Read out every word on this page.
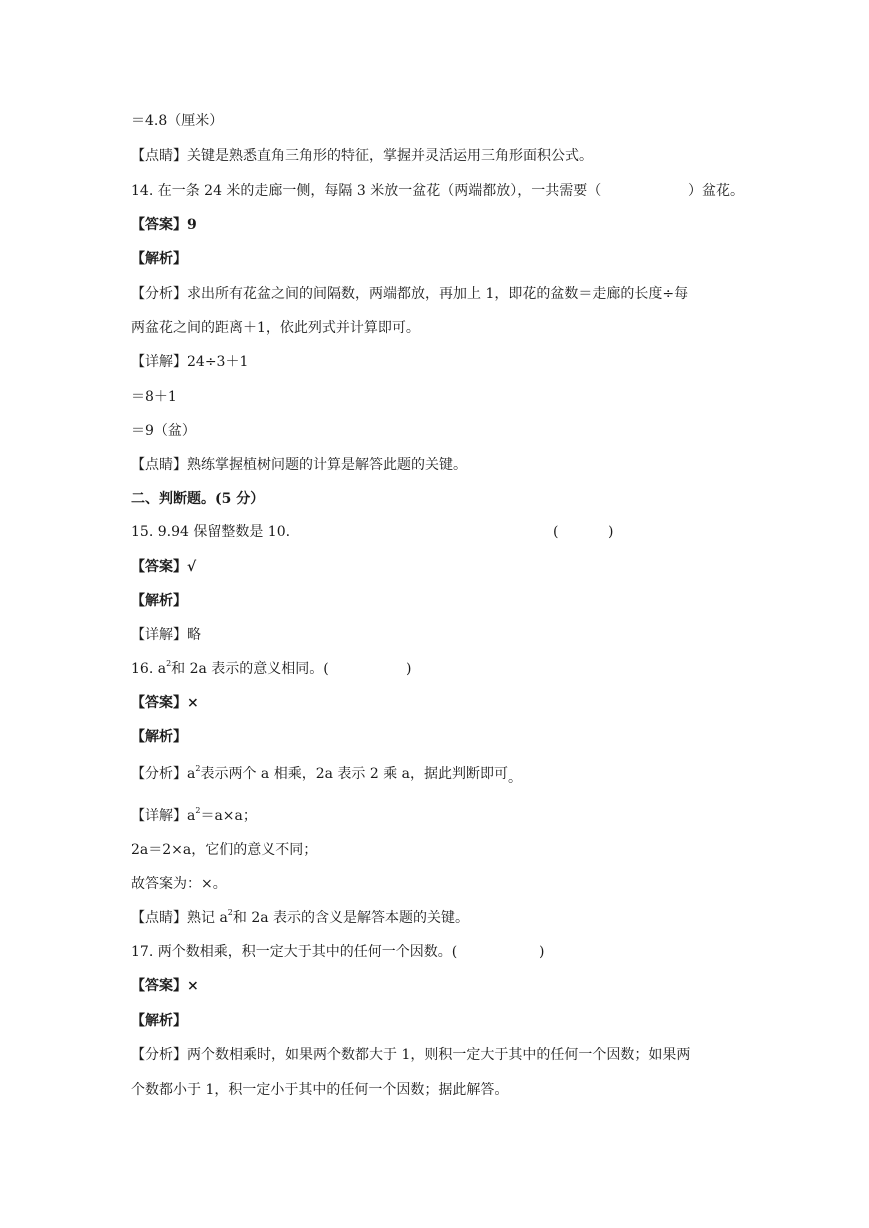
＝4.8（厘米）
【点睛】关键是熟悉直角三角形的特征，掌握并灵活运用三角形面积公式。
14. 在一条 24 米的走廊一侧，每隔 3 米放一盆花（两端都放），一共需要（	）盆花。
【答案】9
【解析】
【分析】求出所有花盆之间的间隔数，两端都放，再加上 1，即花的盆数＝走廊的长度÷每
两盆花之间的距离＋1，依此列式并计算即可。
【详解】24÷3＋1
＝8＋1
＝9（盆）
【点睛】熟练掌握植树问题的计算是解答此题的关键。
二、判断题。(5 分）
15. 9.94 保留整数是 10.	(	)
【答案】√
【解析】
【详解】略
16. $a^2$和 2a 表示的意义相同。(	)
【答案】×
【解析】
【分析】$a^2$表示两个 a 相乘，2a 表示 2 乘 a，据此判断即可。
【详解】$a^2=a\times a$；
2a＝2×a，它们的意义不同；
故答案为：×。
【点睛】熟记 $a^2$和 2a 表示的含义是解答本题的关键。
17. 两个数相乘，积一定大于其中的任何一个因数。(	)
【答案】×
【解析】
【分析】两个数相乘时，如果两个数都大于 1，则积一定大于其中的任何一个因数；如果两
个数都小于 1，积一定小于其中的任何一个因数；据此解答。
